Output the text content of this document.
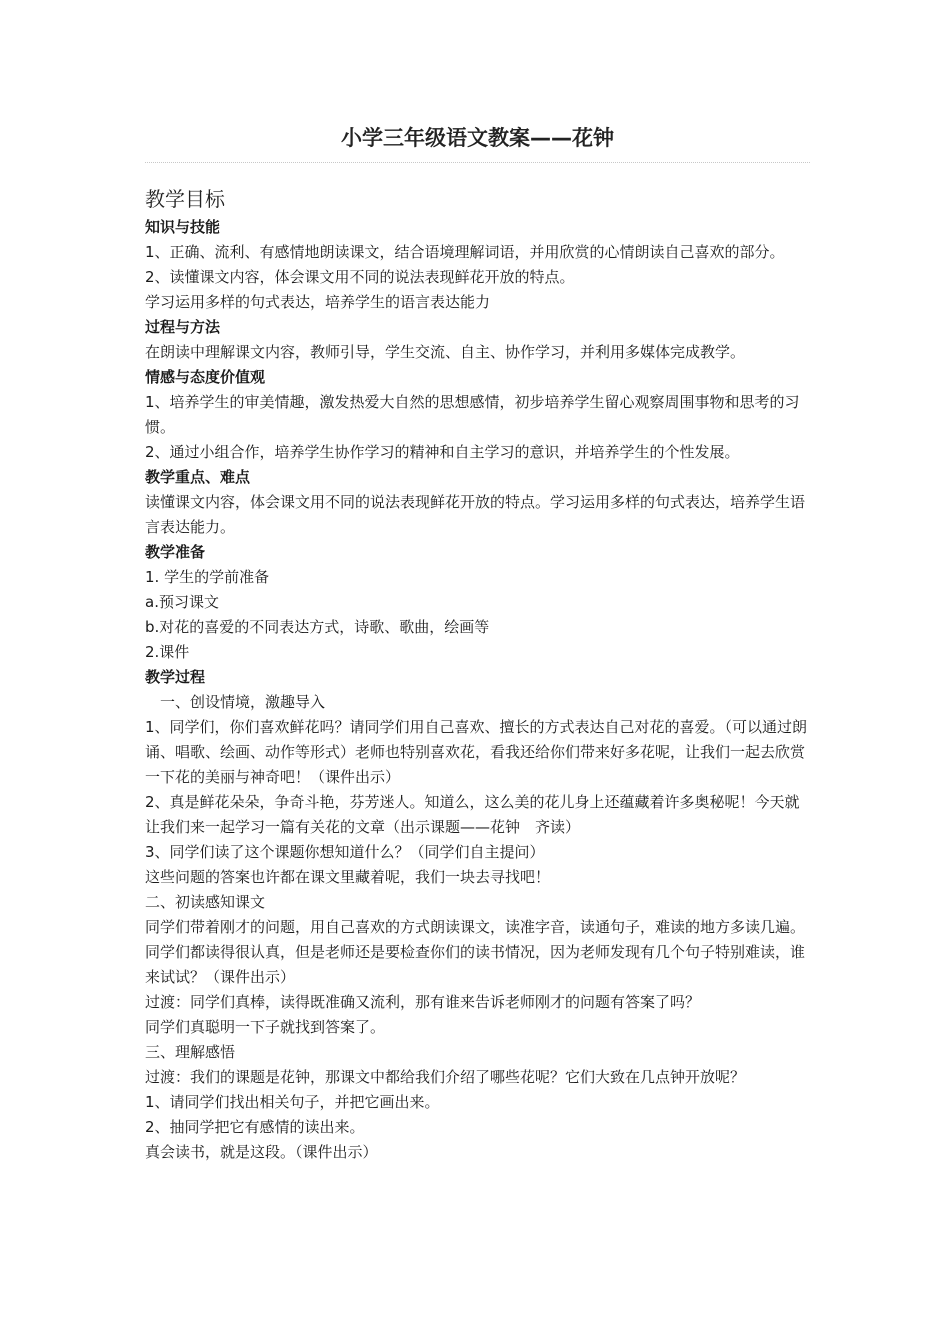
小学三年级语文教案——花钟
教学目标
知识与技能
1、正确、流利、有感情地朗读课文，结合语境理解词语，并用欣赏的心情朗读自己喜欢的部分。
2、读懂课文内容，体会课文用不同的说法表现鲜花开放的特点。
学习运用多样的句式表达，培养学生的语言表达能力
过程与方法
在朗读中理解课文内容，教师引导，学生交流、自主、协作学习，并利用多媒体完成教学。
情感与态度价值观
1、培养学生的审美情趣，激发热爱大自然的思想感情，初步培养学生留心观察周围事物和思考的习惯。
2、通过小组合作，培养学生协作学习的精神和自主学习的意识，并培养学生的个性发展。
教学重点、难点
读懂课文内容，体会课文用不同的说法表现鲜花开放的特点。学习运用多样的句式表达，培养学生语言表达能力。
教学准备
1. 学生的学前准备
a.预习课文
b.对花的喜爱的不同表达方式，诗歌、歌曲，绘画等
2.课件
教学过程
　一、创设情境，激趣导入
1、同学们，你们喜欢鲜花吗？请同学们用自己喜欢、擅长的方式表达自己对花的喜爱。（可以通过朗诵、唱歌、绘画、动作等形式）老师也特别喜欢花，看我还给你们带来好多花呢，让我们一起去欣赏一下花的美丽与神奇吧！（课件出示）
2、真是鲜花朵朵，争奇斗艳，芬芳迷人。知道么，这么美的花儿身上还蕴藏着许多奥秘呢！今天就让我们来一起学习一篇有关花的文章（出示课题——花钟　齐读）
3、同学们读了这个课题你想知道什么？（同学们自主提问）
这些问题的答案也许都在课文里藏着呢，我们一块去寻找吧！
二、初读感知课文
同学们带着刚才的问题，用自己喜欢的方式朗读课文，读准字音，读通句子，难读的地方多读几遍。
同学们都读得很认真，但是老师还是要检查你们的读书情况，因为老师发现有几个句子特别难读，谁来试试？（课件出示）
过渡：同学们真棒，读得既准确又流利，那有谁来告诉老师刚才的问题有答案了吗？
同学们真聪明一下子就找到答案了。
三、理解感悟
过渡：我们的课题是花钟，那课文中都给我们介绍了哪些花呢？它们大致在几点钟开放呢？
1、请同学们找出相关句子，并把它画出来。
2、抽同学把它有感情的读出来。
真会读书，就是这段。（课件出示）
